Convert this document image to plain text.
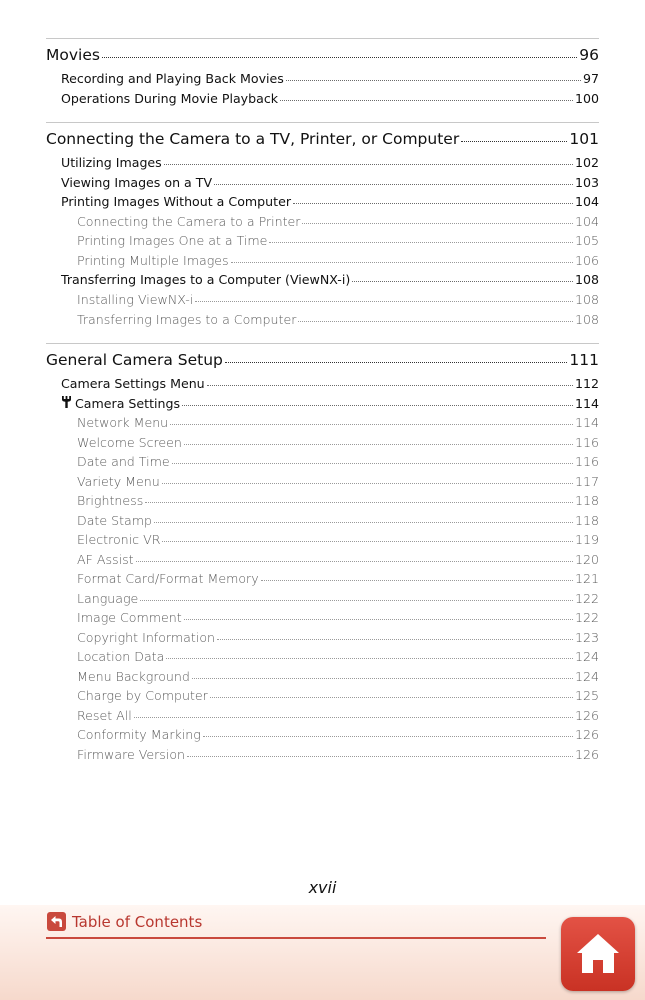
Movies	96
Recording and Playing Back Movies	97
Operations During Movie Playback	100
Connecting the Camera to a TV, Printer, or Computer	101
Utilizing Images	102
Viewing Images on a TV	103
Printing Images Without a Computer	104
Connecting the Camera to a Printer	104
Printing Images One at a Time	105
Printing Multiple Images	106
Transferring Images to a Computer (ViewNX-i)	108
Installing ViewNX-i	108
Transferring Images to a Computer	108
General Camera Setup	111
Camera Settings Menu	112
Camera Settings	114
Network Menu	114
Welcome Screen	116
Date and Time	116
Variety Menu	117
Brightness	118
Date Stamp	118
Electronic VR	119
AF Assist	120
Format Card/Format Memory	121
Language	122
Image Comment	122
Copyright Information	123
Location Data	124
Menu Background	124
Charge by Computer	125
Reset All	126
Conformity Marking	126
Firmware Version	126
xvii
Table of Contents
